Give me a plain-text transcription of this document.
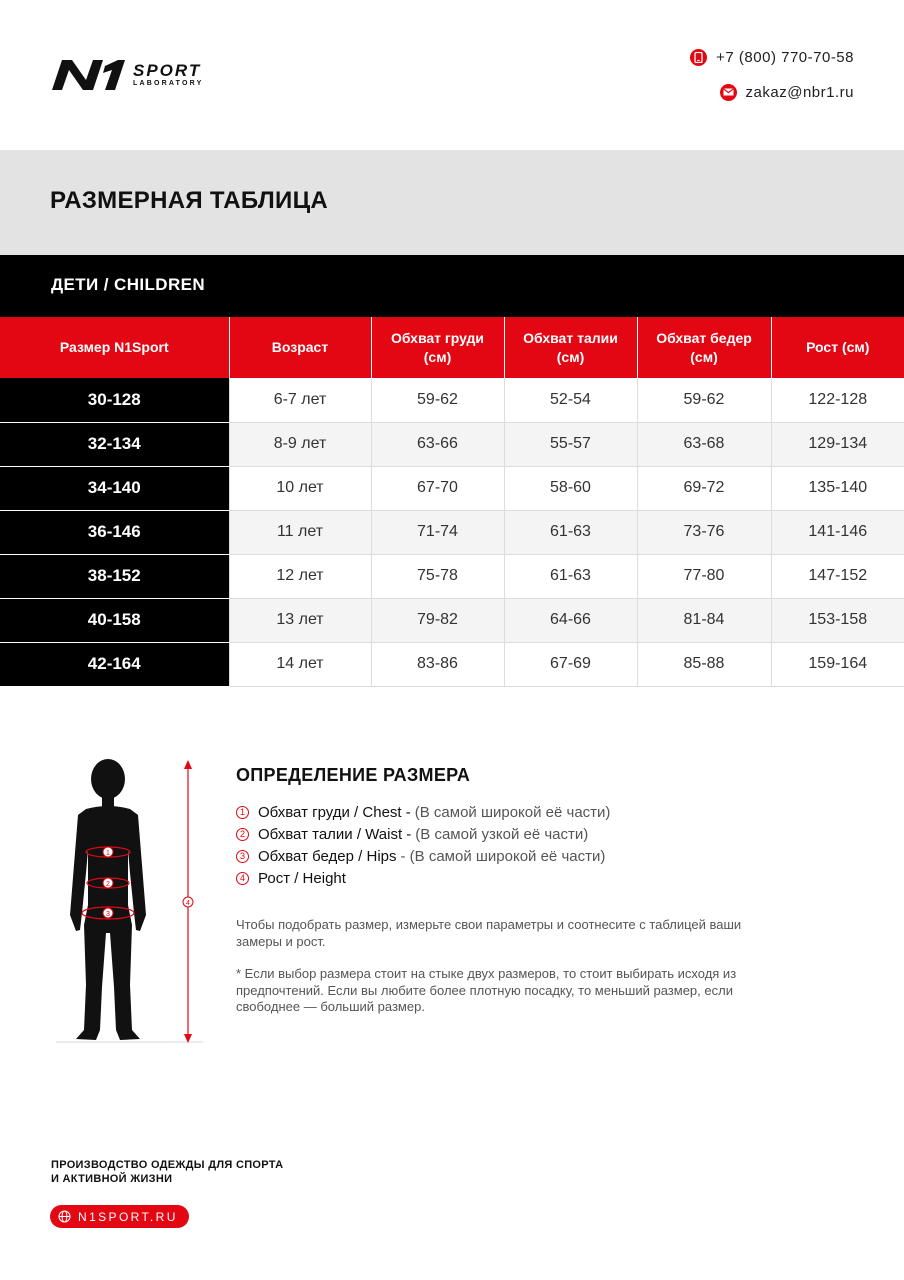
SPORT
LABORATORY
+7 (800) 770-70-58
zakaz@nbr1.ru
РАЗМЕРНАЯ ТАБЛИЦА
ДЕТИ / CHILDREN
Размер N1Sport	Возраст	Обхват груди (см)	Обхват талии (см)	Обхват бедер (см)	Рост (см)
30-128	6-7 лет	59-62	52-54	59-62	122-128
32-134	8-9 лет	63-66	55-57	63-68	129-134
34-140	10 лет	67-70	58-60	69-72	135-140
36-146	11 лет	71-74	61-63	73-76	141-146
38-152	12 лет	75-78	61-63	77-80	147-152
40-158	13 лет	79-82	64-66	81-84	153-158
42-164	14 лет	83-86	67-69	85-88	159-164
1
2
3
4
ОПРЕДЕЛЕНИЕ РАЗМЕРА
1 Обхват груди / Chest - (В самой широкой её части)
2 Обхват талии / Waist - (В самой узкой её части)
3 Обхват бедер / Hips - (В самой широкой её части)
4 Рост / Height

Чтобы подобрать размер, измерьте свои параметры и соотнесите с таблицей ваши замеры и рост.

* Если выбор размера стоит на стыке двух размеров, то стоит выбирать исходя из предпочтений. Если вы любите более плотную посадку, то меньший размер, если свободнее — больший размер.

ПРОИЗВОДСТВО ОДЕЖДЫ ДЛЯ СПОРТА
И АКТИВНОЙ ЖИЗНИ
N1SPORT.RU
